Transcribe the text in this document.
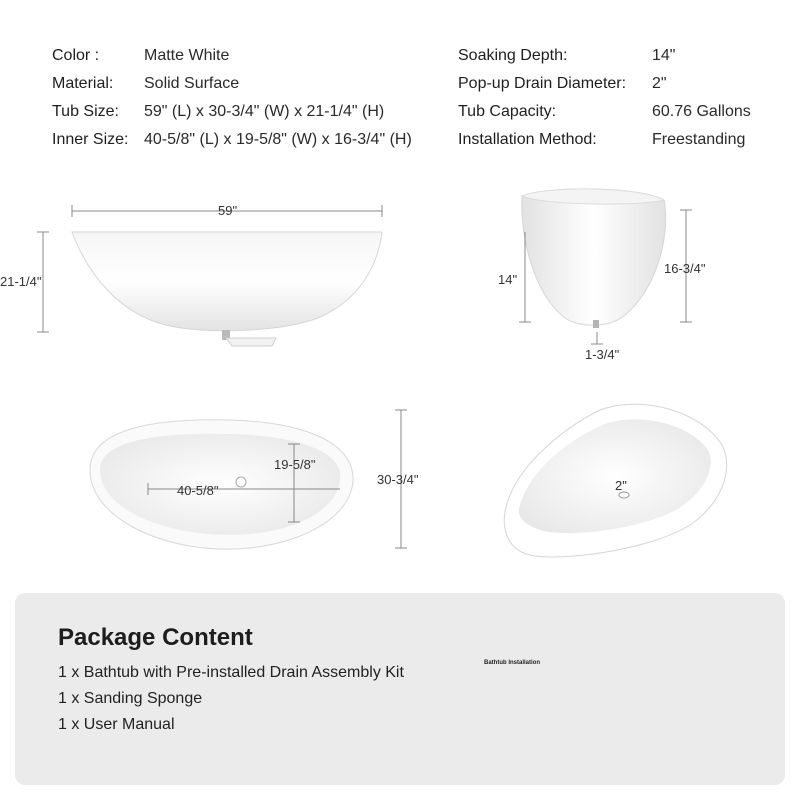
Color :	Matte White
Material: Solid Surface
Tub Size: 59" (L) x 30-3/4" (W) x 21-1/4" (H)
Inner Size: 40-5/8" (L) x 19-5/8" (W) x 16-3/4" (H)
Soaking Depth:	14"
Pop-up Drain Diameter: 2"
Tub Capacity:	60.76 Gallons
Installation Method:	Freestanding
59"
21-1/4"	14"
16-3/4"
1-3/4"
40-5/8"
19-5/8"
30-3/4"	2"
Package Content
1 x Bathtub with Pre-installed Drain Assembly Kit
1 x Sanding Sponge
1 x User Manual
Bathtub Installation
